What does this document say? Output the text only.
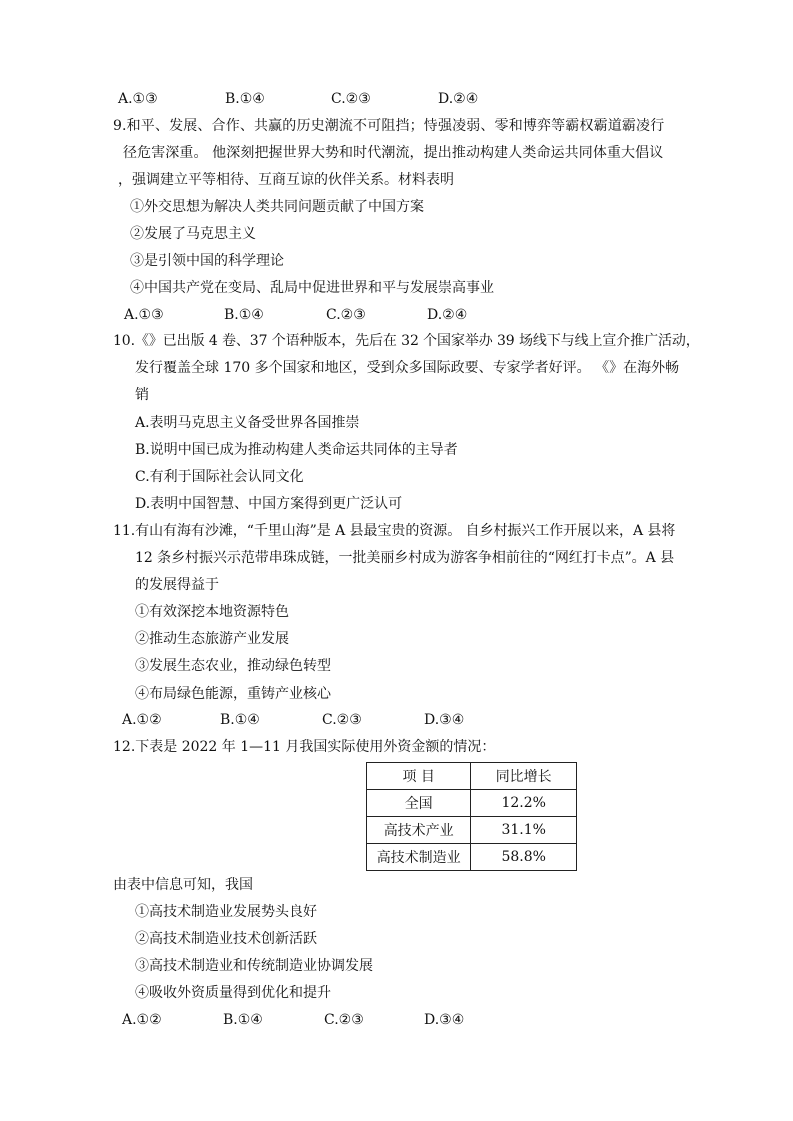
A.①③	B.①④	C.②③	D.②④
9.和平、发展、合作、共赢的历史潮流不可阻挡；恃强凌弱、零和博弈等霸权霸道霸凌行
径危害深重。 他深刻把握世界大势和时代潮流，提出推动构建人类命运共同体重大倡议
，强调建立平等相待、互商互谅的伙伴关系。材料表明
①外交思想为解决人类共同问题贡献了中国方案
②发展了马克思主义
③是引领中国的科学理论
④中国共产党在变局、乱局中促进世界和平与发展崇高事业
A.①③	B.①④	C.②③	D.②④
10.《》已出版 4 卷、37 个语种版本，先后在 32 个国家举办 39 场线下与线上宣介推广活动，
发行覆盖全球 170 多个国家和地区，受到众多国际政要、专家学者好评。 《》在海外畅
销
A.表明马克思主义备受世界各国推崇
B.说明中国已成为推动构建人类命运共同体的主导者
C.有利于国际社会认同文化
D.表明中国智慧、中国方案得到更广泛认可
11.有山有海有沙滩，“千里山海”是 A 县最宝贵的资源。 自乡村振兴工作开展以来，A 县将
12 条乡村振兴示范带串珠成链，一批美丽乡村成为游客争相前往的“网红打卡点”。A 县
的发展得益于
①有效深挖本地资源特色
②推动生态旅游产业发展
③发展生态农业，推动绿色转型
④布局绿色能源，重铸产业核心
A.①②	B.①④	C.②③	D.③④
12.下表是 2022 年 1—11 月我国实际使用外资金额的情况：
项 目	同比增长
全国	12.2%
高技术产业	31.1%
高技术制造业	58.8%
由表中信息可知，我国
①高技术制造业发展势头良好
②高技术制造业技术创新活跃
③高技术制造业和传统制造业协调发展
④吸收外资质量得到优化和提升
A.①②	B.①④	C.②③	D.③④
